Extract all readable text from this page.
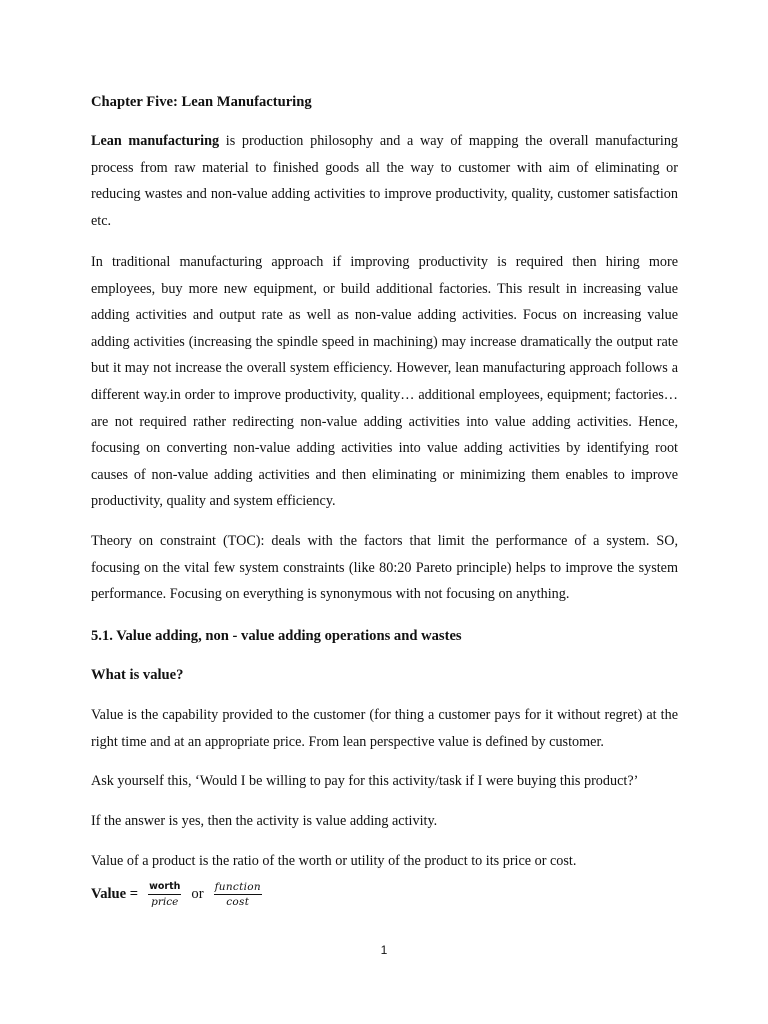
Chapter Five: Lean Manufacturing
Lean manufacturing is production philosophy and a way of mapping the overall manufacturing process from raw material to finished goods all the way to customer with aim of eliminating or reducing wastes and non-value adding activities to improve productivity, quality, customer satisfaction etc.
In traditional manufacturing approach if improving productivity is required then hiring more employees, buy more new equipment, or build additional factories. This result in increasing value adding activities and output rate as well as non-value adding activities. Focus on increasing value adding activities (increasing the spindle speed in machining) may increase dramatically the output rate but it may not increase the overall system efficiency. However, lean manufacturing approach follows a different way.in order to improve productivity, quality… additional employees, equipment; factories… are not required rather redirecting non-value adding activities into value adding activities. Hence, focusing on converting non-value adding activities into value adding activities by identifying root causes of non-value adding activities and then eliminating or minimizing them enables to improve productivity, quality and system efficiency.
Theory on constraint (TOC): deals with the factors that limit the performance of a system. SO, focusing on the vital few system constraints (like 80:20 Pareto principle) helps to improve the system performance. Focusing on everything is synonymous with not focusing on anything.
5.1. Value adding, non - value adding operations and wastes
What is value?
Value is the capability provided to the customer (for thing a customer pays for it without regret) at the right time and at an appropriate price. From lean perspective value is defined by customer.
Ask yourself this, ‘Would I be willing to pay for this activity/task if I were buying this product?’
If the answer is yes, then the activity is value adding activity.
Value of a product is the ratio of the worth or utility of the product to its price or cost.
Value = $\frac{\text{worth}}{\text{price}}$ or $\frac{\text{function}}{\cos t}$
1
